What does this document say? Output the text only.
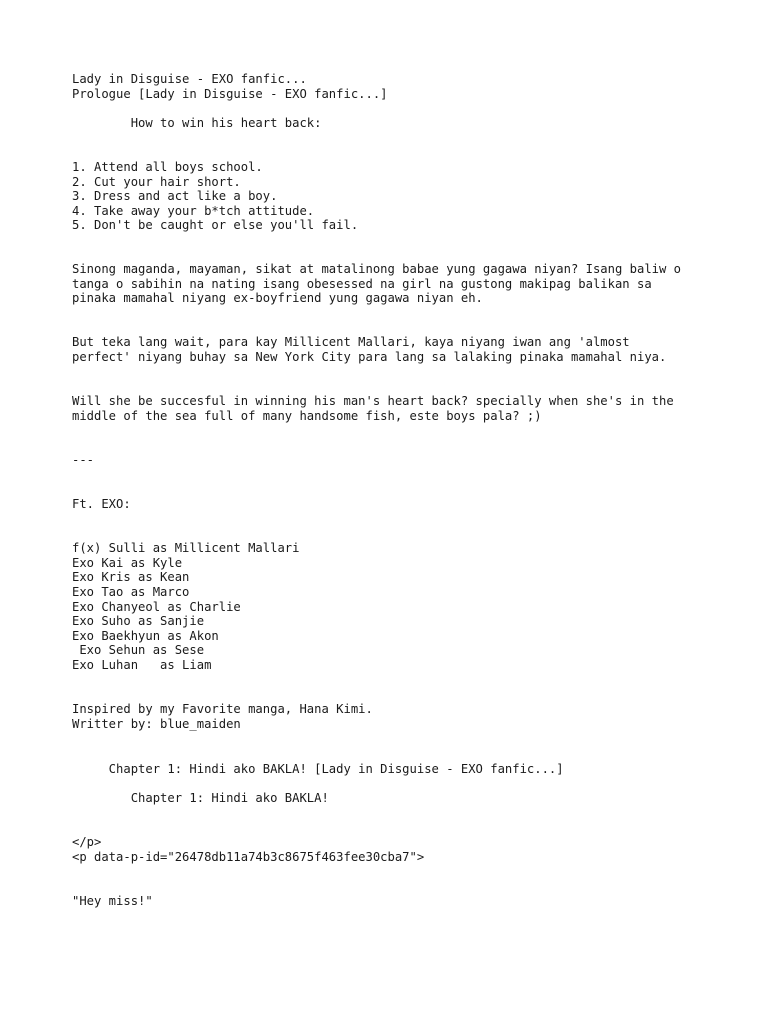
Lady in Disguise - EXO fanfic...

Prologue [Lady in Disguise - EXO fanfic...]

How to win his heart back:

1. Attend all boys school.

2. Cut your hair short.

3. Dress and act like a boy.

4. Take away your b*tch attitude.

5. Don't be caught or else you'll fail.

Sinong maganda, mayaman, sikat at matalinong babae yung gagawa niyan? Isang baliw o

tanga o sabihin na nating isang obesessed na girl na gustong makipag balikan sa

pinaka mamahal niyang ex-boyfriend yung gagawa niyan eh.

But teka lang wait, para kay Millicent Mallari, kaya niyang iwan ang 'almost

perfect' niyang buhay sa New York City para lang sa lalaking pinaka mamahal niya.

Will she be succesful in winning his man's heart back? specially when she's in the

middle of the sea full of many handsome fish, este boys pala? ;)

---

Ft. EXO:

f(x) Sulli as Millicent Mallari

Exo Kai as Kyle

Exo Kris as Kean

Exo Tao as Marco

Exo Chanyeol as Charlie

Exo Suho as Sanjie

Exo Baekhyun as Akon

Exo Sehun as Sese

Exo Luhan   as Liam

Inspired by my Favorite manga, Hana Kimi.

Writter by: blue_maiden

Chapter 1: Hindi ako BAKLA! [Lady in Disguise - EXO fanfic...]

Chapter 1: Hindi ako BAKLA!

</p>

<p data-p-id="26478db11a74b3c8675f463fee30cba7">

"Hey miss!"
